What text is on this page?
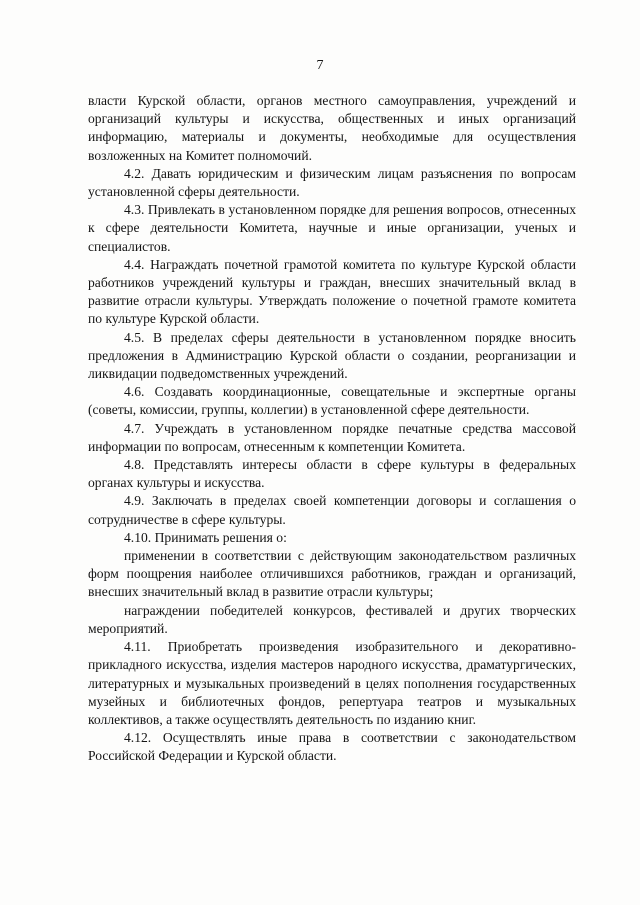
7

власти Курской области, органов местного самоуправления, учреждений и организаций культуры и искусства, общественных и иных организаций информацию, материалы и документы, необходимые для осуществления возложенных на Комитет полномочий.

4.2. Давать юридическим и физическим лицам разъяснения по вопросам установленной сферы деятельности.

4.3. Привлекать в установленном порядке для решения вопросов, отнесенных к сфере деятельности Комитета, научные и иные организации, ученых и специалистов.

4.4. Награждать почетной грамотой комитета по культуре Курской области работников учреждений культуры и граждан, внесших значительный вклад в развитие отрасли культуры. Утверждать положение о почетной грамоте комитета по культуре Курской области.

4.5. В пределах сферы деятельности в установленном порядке вносить предложения в Администрацию Курской области о создании, реорганизации и ликвидации подведомственных учреждений.

4.6. Создавать координационные, совещательные и экспертные органы (советы, комиссии, группы, коллегии) в установленной сфере деятельности.

4.7. Учреждать в установленном порядке печатные средства массовой информации по вопросам, отнесенным к компетенции Комитета.

4.8. Представлять интересы области в сфере культуры в федеральных органах культуры и искусства.

4.9. Заключать в пределах своей компетенции договоры и соглашения о сотрудничестве в сфере культуры.

4.10. Принимать решения о:

применении в соответствии с действующим законодательством различных форм поощрения наиболее отличившихся работников, граждан и организаций, внесших значительный вклад в развитие отрасли культуры;

награждении победителей конкурсов, фестивалей и других творческих мероприятий.

4.11. Приобретать произведения изобразительного и декоративно-прикладного искусства, изделия мастеров народного искусства, драматургических, литературных и музыкальных произведений в целях пополнения государственных музейных и библиотечных фондов, репертуара театров и музыкальных коллективов, а также осуществлять деятельность по изданию книг.

4.12. Осуществлять иные права в соответствии с законодательством Российской Федерации и Курской области.
